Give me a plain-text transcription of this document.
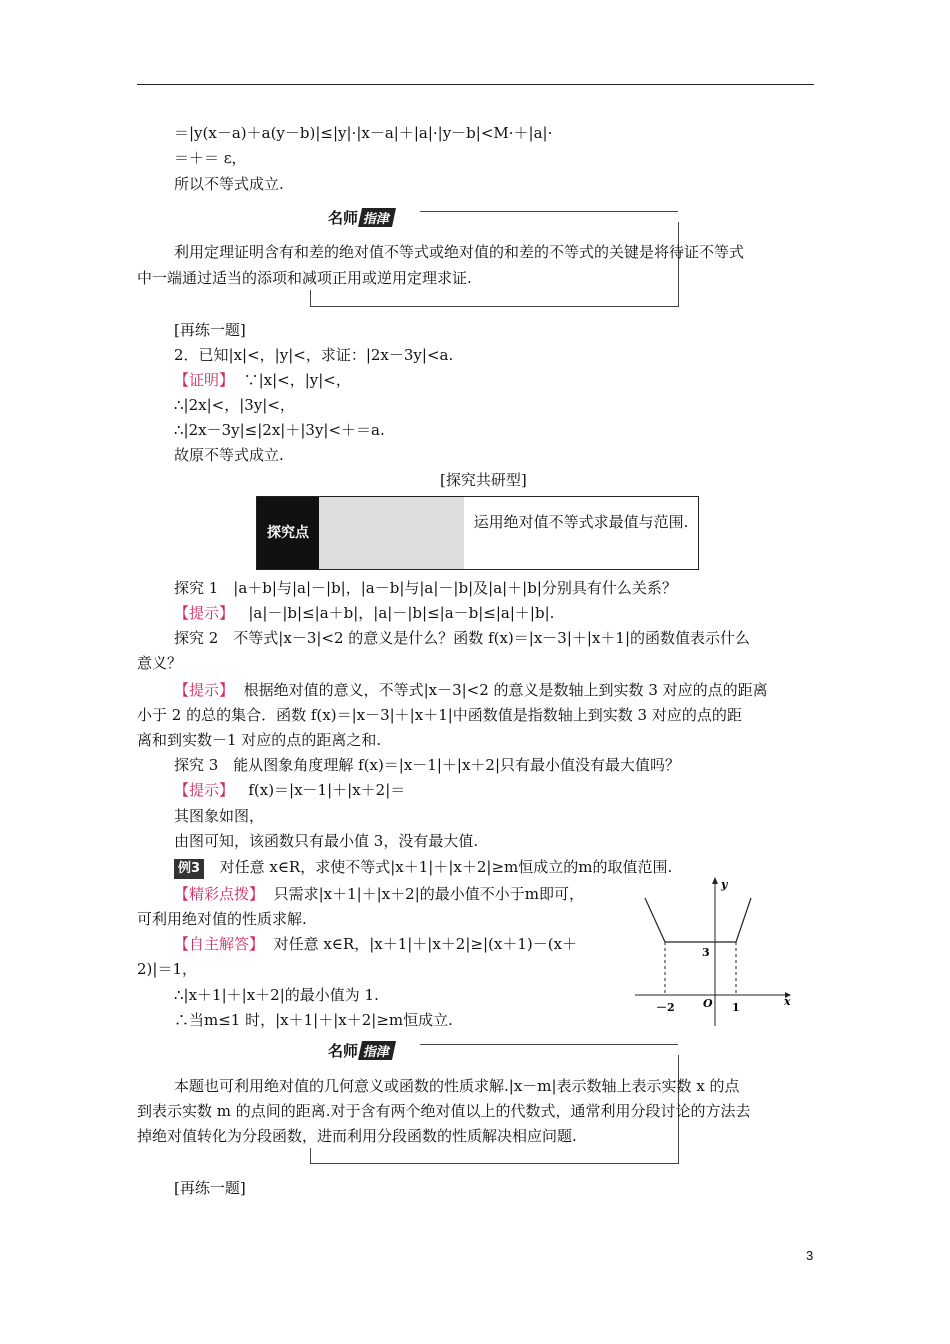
＝|y(x－a)＋a(y－b)|≤|y|·|x－a|＋|a|·|y－b|<M·＋|a|·
＝＋＝ ε，
所以不等式成立.
名师 指津
利用定理证明含有和差的绝对值不等式或绝对值的和差的不等式的关键是将待证不等式
中一端通过适当的添项和减项正用或逆用定理求证.
[再练一题]
2．已知|x|<，|y|<，求证：|2x－3y|<a.
【证明】 ∵|x|<，|y|<，
∴|2x|<，|3y|<，
∴|2x－3y|≤|2x|＋|3y|<＋＝a.
故原不等式成立.
[探究共研型]
探究点
运用绝对值不等式求最值与范围.
探究 1　|a＋b|与|a|－|b|，|a－b|与|a|－|b|及|a|＋|b|分别具有什么关系？
【提示】 |a|－|b|≤|a＋b|，|a|－|b|≤|a－b|≤|a|＋|b|.
探究 2　不等式|x－3|<2 的意义是什么？函数 f(x)＝|x－3|＋|x＋1|的函数值表示什么
意义？
【提示】 根据绝对值的意义，不等式|x－3|<2 的意义是数轴上到实数 3 对应的点的距离
小于 2 的总的集合．函数 f(x)＝|x－3|＋|x＋1|中函数值是指数轴上到实数 3 对应的点的距
离和到实数－1 对应的点的距离之和.
探究 3　能从图象角度理解 f(x)＝|x－1|＋|x＋2|只有最小值没有最大值吗？
【提示】 f(x)＝|x－1|＋|x＋2|＝
其图象如图，
由图可知，该函数只有最小值 3，没有最大值.
例3 对任意 x∈R，求使不等式|x＋1|＋|x＋2|≥m恒成立的m的取值范围.
【精彩点拨】 只需求|x＋1|＋|x＋2|的最小值不小于m即可，
可利用绝对值的性质求解.
【自主解答】 对任意 x∈R，|x＋1|＋|x＋2|≥|(x＋1)－(x＋
2)|＝1，
∴|x＋1|＋|x＋2|的最小值为 1.
∴当m≤1 时，|x＋1|＋|x＋2|≥m恒成立.
y
x
O
3
－2	1
名师 指津
本题也可利用绝对值的几何意义或函数的性质求解.|x－m|表示数轴上表示实数 x 的点
到表示实数 m 的点间的距离.对于含有两个绝对值以上的代数式，通常利用分段讨论的方法去
掉绝对值转化为分段函数，进而利用分段函数的性质解决相应问题.
[再练一题]
3
